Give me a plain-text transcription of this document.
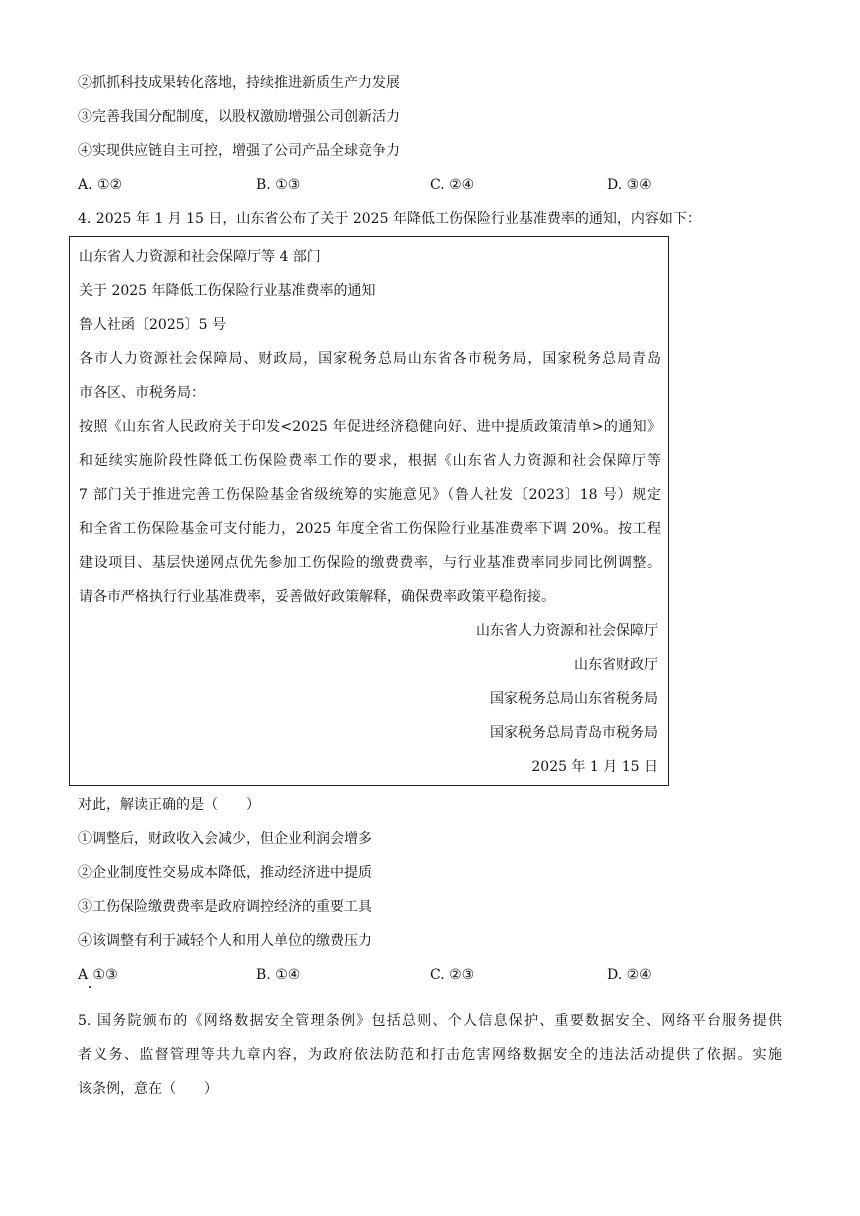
②抓抓科技成果转化落地，持续推进新质生产力发展
③完善我国分配制度，以股权激励增强公司创新活力
④实现供应链自主可控，增强了公司产品全球竞争力
A. ①②	B. ①③	C. ②④	D. ③④
4. 2025 年 1 月 15 日，山东省公布了关于 2025 年降低工伤保险行业基准费率的通知，内容如下：
山东省人力资源和社会保障厅等 4 部门
关于 2025 年降低工伤保险行业基准费率的通知
鲁人社函〔2025〕5 号
各市人力资源社会保障局、财政局，国家税务总局山东省各市税务局，国家税务总局青岛
市各区、市税务局：
按照《山东省人民政府关于印发<2025 年促进经济稳健向好、进中提质政策清单>的通知》
和延续实施阶段性降低工伤保险费率工作的要求，根据《山东省人力资源和社会保障厅等
7 部门关于推进完善工伤保险基金省级统筹的实施意见》（鲁人社发〔2023〕18 号）规定
和全省工伤保险基金可支付能力，2025 年度全省工伤保险行业基准费率下调 20%。按工程
建设项目、基层快递网点优先参加工伤保险的缴费费率，与行业基准费率同步同比例调整。
请各市严格执行行业基准费率，妥善做好政策解释，确保费率政策平稳衔接。
山东省人力资源和社会保障厅
山东省财政厅
国家税务总局山东省税务局
国家税务总局青岛市税务局
2025 年 1 月 15 日
对此，解读正确的是（　　）
①调整后，财政收入会减少，但企业利润会增多
②企业制度性交易成本降低，推动经济进中提质
③工伤保险缴费费率是政府调控经济的重要工具
④该调整有利于减轻个人和用人单位的缴费压力
A ①③	B. ①④	C. ②③	D. ②④
5. 国务院颁布的《网络数据安全管理条例》包括总则、个人信息保护、重要数据安全、网络平台服务提供
者义务、监督管理等共九章内容，为政府依法防范和打击危害网络数据安全的违法活动提供了依据。实施
该条例，意在（　　）
